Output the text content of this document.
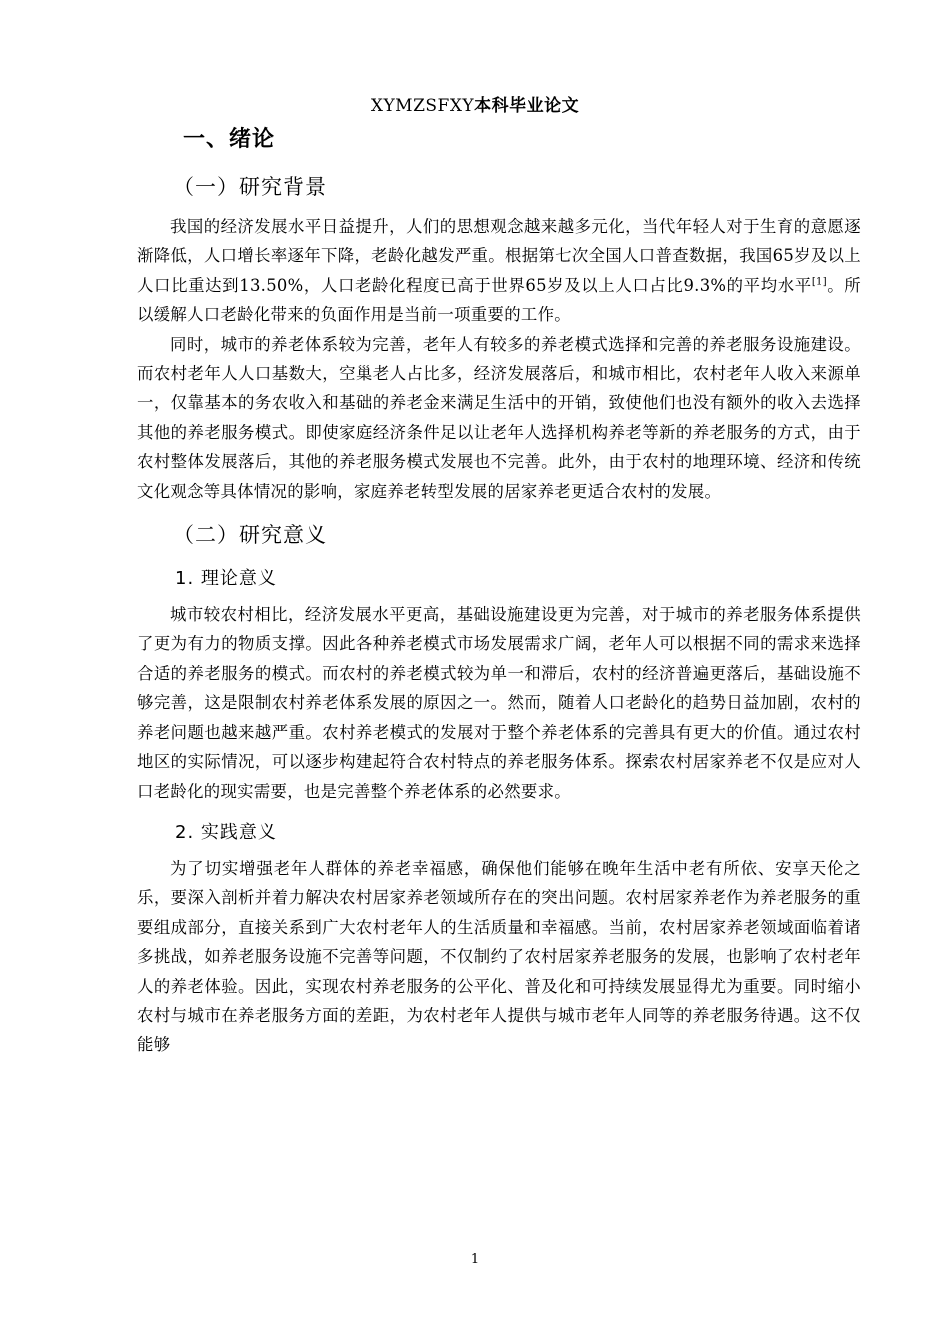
XYMZSFXY本科毕业论文
一、绪论
（一）研究背景

我国的经济发展水平日益提升，人们的思想观念越来越多元化，当代年轻人对于生育的意愿逐渐降低，人口增长率逐年下降，老龄化越发严重。根据第七次全国人口普查数据，我国65岁及以上人口比重达到13.50%，人口老龄化程度已高于世界65岁及以上人口占比9.3%的平均水平[1]。所以缓解人口老龄化带来的负面作用是当前一项重要的工作。

同时，城市的养老体系较为完善，老年人有较多的养老模式选择和完善的养老服务设施建设。而农村老年人人口基数大，空巢老人占比多，经济发展落后，和城市相比，农村老年人收入来源单一，仅靠基本的务农收入和基础的养老金来满足生活中的开销，致使他们也没有额外的收入去选择其他的养老服务模式。即使家庭经济条件足以让老年人选择机构养老等新的养老服务的方式，由于农村整体发展落后，其他的养老服务模式发展也不完善。此外，由于农村的地理环境、经济和传统文化观念等具体情况的影响，家庭养老转型发展的居家养老更适合农村的发展。

（二）研究意义
1. 理论意义

城市较农村相比，经济发展水平更高，基础设施建设更为完善，对于城市的养老服务体系提供了更为有力的物质支撑。因此各种养老模式市场发展需求广阔，老年人可以根据不同的需求来选择合适的养老服务的模式。而农村的养老模式较为单一和滞后，农村的经济普遍更落后，基础设施不够完善，这是限制农村养老体系发展的原因之一。然而，随着人口老龄化的趋势日益加剧，农村的养老问题也越来越严重。农村养老模式的发展对于整个养老体系的完善具有更大的价值。通过农村地区的实际情况，可以逐步构建起符合农村特点的养老服务体系。探索农村居家养老不仅是应对人口老龄化的现实需要，也是完善整个养老体系的必然要求。

2. 实践意义

为了切实增强老年人群体的养老幸福感，确保他们能够在晚年生活中老有所依、安享天伦之乐，要深入剖析并着力解决农村居家养老领域所存在的突出问题。农村居家养老作为养老服务的重要组成部分，直接关系到广大农村老年人的生活质量和幸福感。当前，农村居家养老领域面临着诸多挑战，如养老服务设施不完善等问题，不仅制约了农村居家养老服务的发展，也影响了农村老年人的养老体验。因此，实现农村养老服务的公平化、普及化和可持续发展显得尤为重要。同时缩小农村与城市在养老服务方面的差距，为农村老年人提供与城市老年人同等的养老服务待遇。这不仅能够

1
